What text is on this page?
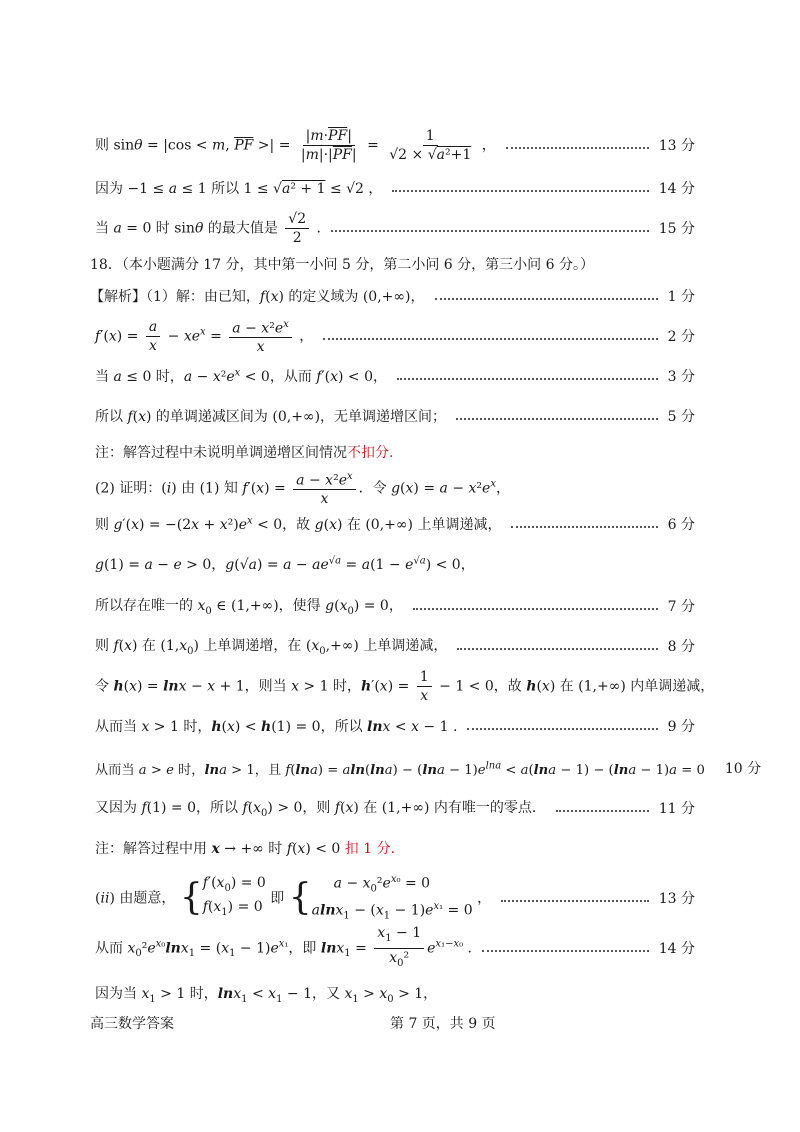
则 sinθ = |cos < m, $\overline{PF}$ >| = $\frac{|m\cdot\overline{PF}|}{|m|\cdot|\overline{PF}|} = \frac{1}{\text{√2 × √a²+1}}$ ，	13 分
因为 −1 ≤ a ≤ 1 所以 1 ≤ √a² + 1 ≤ √2 ，	14 分
当 a = 0 时 sinθ 的最大值是 $\frac{√2}{2}$ .	15 分
18．（本小题满分 17 分，其中第一小问 5 分，第二小问 6 分，第三小问 6 分。）
【解析】（1）解：由已知，f(x) 的定义域为 (0,+∞)，	1 分
$f'(x) = \frac{a}{x} - xe^x = \frac{a - x^2e^x}{x}$ ，	2 分
当 a ≤ 0 时，$a - x^2e^x < 0$，从而 f′(x) < 0，	3 分
所以 f(x) 的单调递减区间为 (0,+∞)，无单调递增区间；	5 分
注：解答过程中未说明单调递增区间情况不扣分.
(2) 证明：(i) 由 (1) 知 $f'(x) = \frac{a - x^2e^x}{x}$ ．令 $g(x) = a - x^2e^x$，
则 $g'(x) = -(2x + x^2)e^x < 0$，故 g(x) 在 (0,+∞) 上单调递减，	6 分
g(1) = a − e > 0，$g(√a) = a - ae^{√a} = a(1 - e^{√a}) < 0$，
所以存在唯一的 $x_0$ ∈ (1,+∞)，使得 $g(x_0) = 0$，	7 分
则 f(x) 在 $(1,x_0)$ 上单调递增，在 $(x_0,+\infty)$ 上单调递减，	8 分
令 h(x) = lnx − x + 1，则当 x > 1 时，$h'(x) = \frac{1}{x} - 1 < 0$，故 h(x) 在 (1,+∞) 内单调递减，
从而当 x > 1 时，h(x) < h(1) = 0，所以 lnx < x − 1 .	9 分
从而当 a > e 时，lna > 1，且 $f(\ln a) = aln(\ln a) - (\ln a - 1)e^{lna} < a(\ln a - 1) - (\ln a - 1)a = 0$ 10 分
又因为 f(1) = 0，所以 $f(x_0) > 0$，则 f(x) 在 (1,+∞) 内有唯一的零点．	11 分
注：解答过程中用 x → +∞ 时 f(x) < 0 扣 1 分.
(ii) 由题意， { $f'(x_0) = 0$
$f(x_1) = 0$
即 {	$a - x_0^2e^{x_0} = 0$
$alnx_1 - (x_1 - 1)e^{x_1} = 0$
，	13 分
从而 $x_0^2e^{x_0}\ln x_1 = (x_1 - 1)e^{x_1}$，即 $\ln x_1 = \frac{x_1 - 1}{x_0^2} e^{x_1-x_0}$ .	14 分
因为当 $x_1 > 1$ 时，$\ln x_1 < x_1 - 1$，又 $x_1 > x_0 > 1$，
高三数学答案	第 7 页，共 9 页
